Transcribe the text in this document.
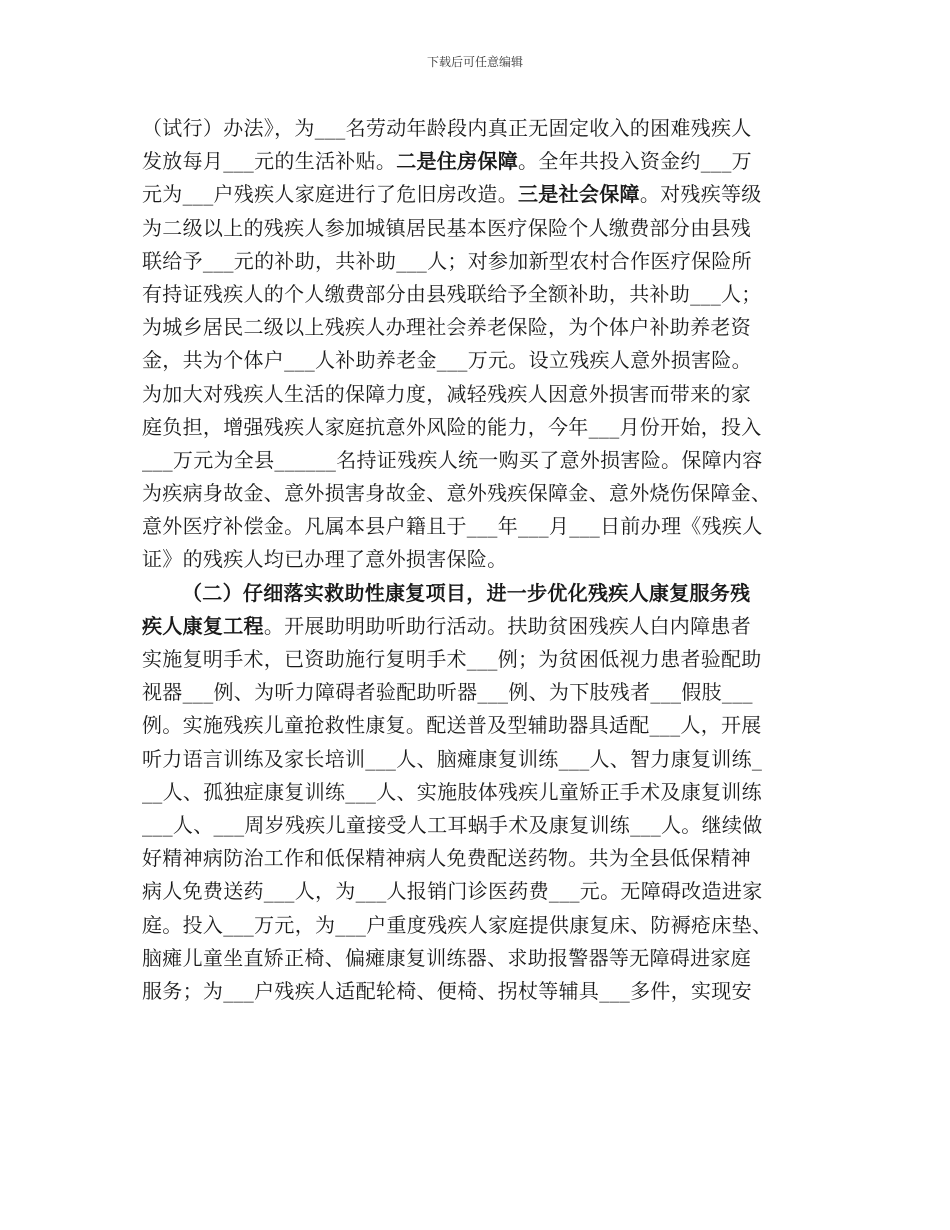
下载后可任意编辑
（试行）办法》，为___名劳动年龄段内真正无固定收入的困难残疾人
发放每月___元的生活补贴。二是住房保障。全年共投入资金约___万
元为___户残疾人家庭进行了危旧房改造。三是社会保障。对残疾等级
为二级以上的残疾人参加城镇居民基本医疗保险个人缴费部分由县残
联给予___元的补助，共补助___人；对参加新型农村合作医疗保险所
有持证残疾人的个人缴费部分由县残联给予全额补助，共补助___人；
为城乡居民二级以上残疾人办理社会养老保险，为个体户补助养老资
金，共为个体户___人补助养老金___万元。设立残疾人意外损害险。
为加大对残疾人生活的保障力度，减轻残疾人因意外损害而带来的家
庭负担，增强残疾人家庭抗意外风险的能力，今年___月份开始，投入
___万元为全县______名持证残疾人统一购买了意外损害险。保障内容
为疾病身故金、意外损害身故金、意外残疾保障金、意外烧伤保障金、
意外医疗补偿金。凡属本县户籍且于___年___月___日前办理《残疾人
证》的残疾人均已办理了意外损害保险。
（二）仔细落实救助性康复项目，进一步优化残疾人康复服务残
疾人康复工程。开展助明助听助行活动。扶助贫困残疾人白内障患者
实施复明手术，已资助施行复明手术___例；为贫困低视力患者验配助
视器___例、为听力障碍者验配助听器___例、为下肢残者___假肢___
例。实施残疾儿童抢救性康复。配送普及型辅助器具适配___人，开展
听力语言训练及家长培训___人、脑瘫康复训练___人、智力康复训练_
__人、孤独症康复训练___人、实施肢体残疾儿童矫正手术及康复训练
___人、___周岁残疾儿童接受人工耳蜗手术及康复训练___人。继续做
好精神病防治工作和低保精神病人免费配送药物。共为全县低保精神
病人免费送药___人，为___人报销门诊医药费___元。无障碍改造进家
庭。投入___万元，为___户重度残疾人家庭提供康复床、防褥疮床垫、
脑瘫儿童坐直矫正椅、偏瘫康复训练器、求助报警器等无障碍进家庭
服务；为___户残疾人适配轮椅、便椅、拐杖等辅具___多件，实现安
